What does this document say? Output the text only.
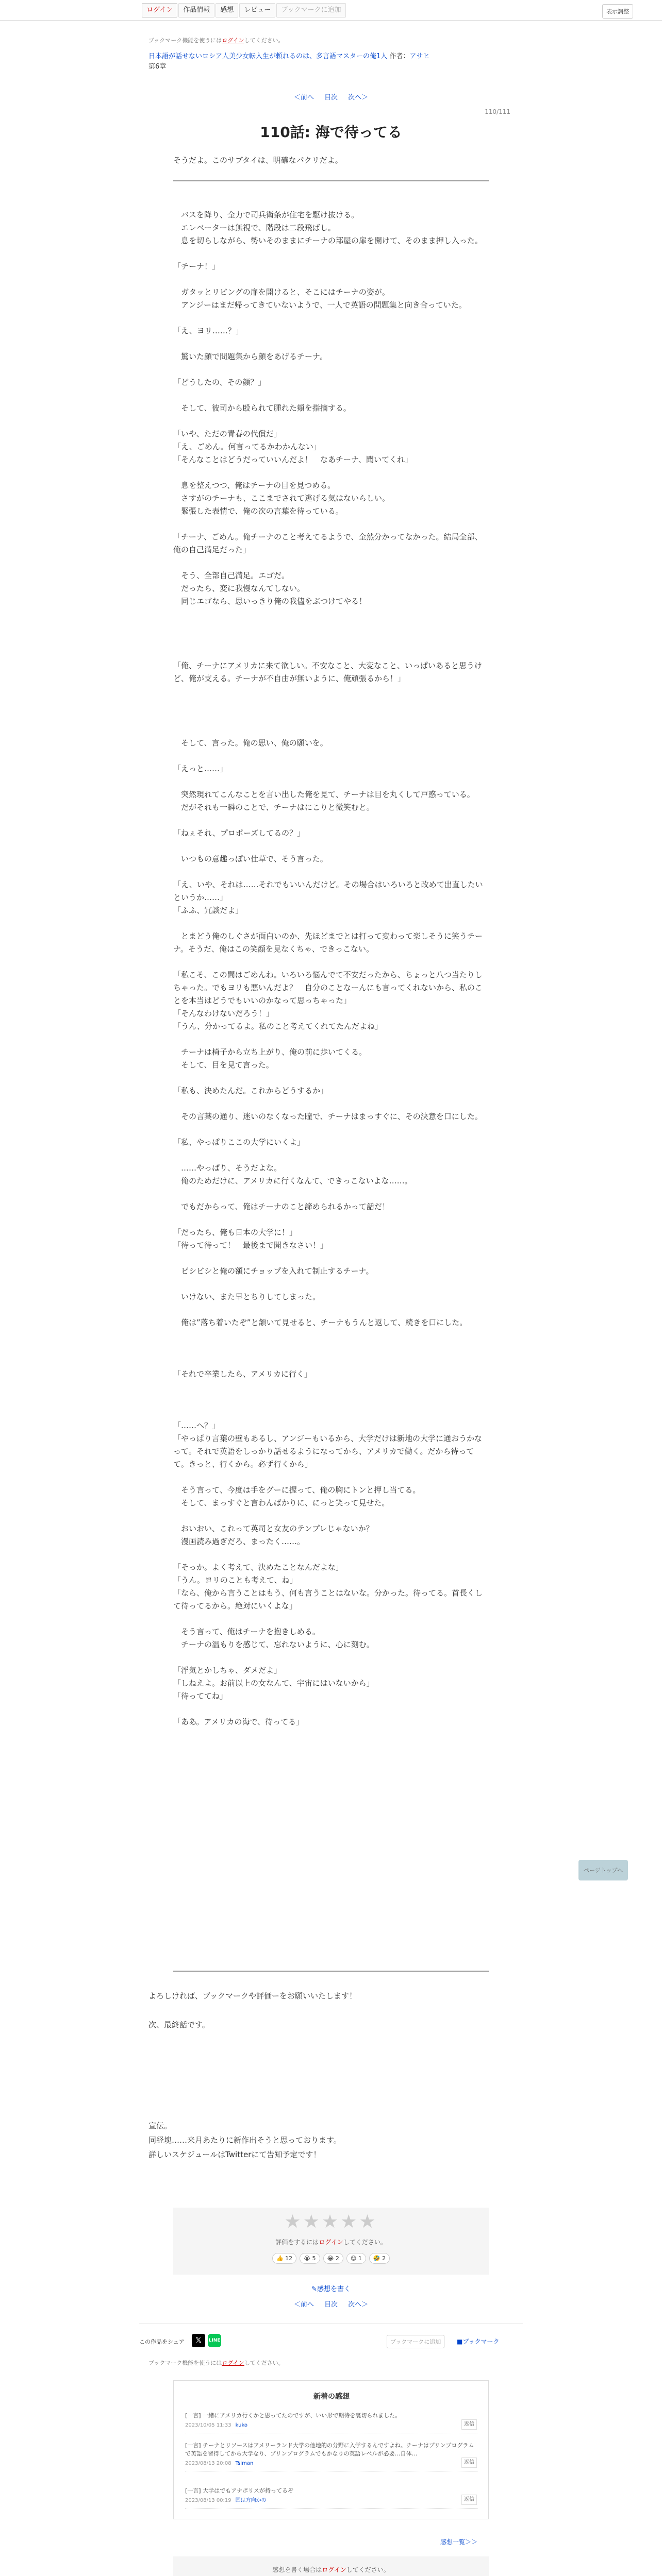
ログイン	作品情報	感想	レビュー	ブックマークに追加	表示調整
ブックマーク機能を使うにはログインしてください。
日本語が話せないロシア人美少女転入生が頼れるのは、多言語マスターの俺1人 作者：アサヒ
第6章
＜前へ 目次 次へ＞
110/111
110話: 海で待ってる
そうだよ。このサブタイは、明確なパクリだよ。

　バスを降り、全力で司兵衛条が住宅を駆け抜ける。

　エレベーターは無視で、階段は二段飛ばし。

　息を切らしながら、勢いそのままにチーナの部屋の扉を開けて、そのまま押し入った。

「チーナ！」

　ガタッとリビングの扉を開けると、そこにはチーナの姿が。

　アンジーはまだ帰ってきていないようで、一人で英語の問題集と向き合っていた。

「え、ヨリ……？」

　驚いた顔で問題集から顔をあげるチーナ。

「どうしたの、その顔？」

　そして、彼司から殴られて腫れた頬を指摘する。

「いや、ただの青春の代償だ」

「え、ごめん。何言ってるかわかんない」

「そんなことはどうだっていいんだよ！　なあチーナ、聞いてくれ」

　息を整えつつ、俺はチーナの目を見つめる。

　さすがのチーナも、ここまでされて逃げる気はないらしい。

　緊張した表情で、俺の次の言葉を待っている。

「チーナ、ごめん。俺チーナのこと考えてるようで、全然分かってなかった。結局全部、俺の自己満足だった」

　そう、全部自己満足。エゴだ。

　だったら、変に我慢なんてしない。

　同じエゴなら、思いっきり俺の我儘をぶつけてやる！

「俺、チーナにアメリカに来て欲しい。不安なこと、大変なこと、いっぱいあると思うけど、俺が支える。チーナが不自由が無いように、俺頑張るから！」

　そして、言った。俺の思い、俺の願いを。

「えっと……」

　突然現れてこんなことを言い出した俺を見て、チーナは目を丸くして戸惑っている。

　だがそれも一瞬のことで、チーナはにこりと微笑むと。

「ねぇそれ、プロポーズしてるの？」

　いつもの意趣っぽい仕草で、そう言った。

「え、いや、それは……それでもいいんだけど。その場合はいろいろと改めて出直したいというか……」

「ふふ、冗談だよ」

　とまどう俺のしぐさが面白いのか、先ほどまでとは打って変わって楽しそうに笑うチーナ。そうだ、俺はこの笑顔を見なくちゃ、できっこない。

「私こそ、この間はごめんね。いろいろ悩んでて不安だったから、ちょっと八つ当たりしちゃった。でもヨリも悪いんだよ？　自分のことなーんにも言ってくれないから、私のことを本当はどうでもいいのかなって思っちゃった」

「そんなわけないだろう！」

「うん、分かってるよ。私のこと考えてくれてたんだよね」

　チーナは椅子から立ち上がり、俺の前に歩いてくる。

　そして、目を見て言った。

「私も、決めたんだ。これからどうするか」

　その言葉の通り、迷いのなくなった瞳で、チーナはまっすぐに、その決意を口にした。

「私、やっぱりここの大学にいくよ」

　……やっぱり、そうだよな。

　俺のためだけに、アメリカに行くなんて、できっこないよな……。

　でもだからって、俺はチーナのこと諦められるかって話だ！

「だったら、俺も日本の大学に！」

「待って待って！　最後まで聞きなさい！」

　ビシビシと俺の額にチョップを入れて制止するチーナ。

　いけない、また早とちりしてしまった。

　俺は”落ち着いたぞ”と頷いて見せると、チーナもうんと返して、続きを口にした。

「それで卒業したら、アメリカに行く」

「……へ？」

「やっぱり言葉の壁もあるし、アンジーもいるから、大学だけは新地の大学に通おうかなって。それで英語をしっかり話せるようになってから、アメリカで働く。だから待ってて。きっと、行くから。必ず行くから」

　そう言って、今度は手をグーに握って、俺の胸にトンと押し当てる。

　そして、まっすぐと言わんばかりに、にっと笑って見せた。

　おいおい、これって英司と女友のテンプレじゃないか？

　漫画読み過ぎだろ、まったく……。

「そっか。よく考えて、決めたことなんだよな」

「うん。ヨリのことも考えて、ね」

「なら、俺から言うことはもう、何も言うことはないな。分かった。待ってる。首長くして待ってるから。絶対にいくよな」

　そう言って、俺はチーナを抱きしめる。

　チーナの温もりを感じて、忘れないように、心に刻む。

「浮気とかしちゃ、ダメだよ」

「しねえよ。お前以上の女なんて、宇宙にはいないから」

「待っててね」

「ああ。アメリカの海で、待ってる」

よろしければ、ブックマークや評価ーをお願いいたします！

次、最終話です。

宣伝。

同経塊……来月あたりに新作出そうと思っております。

詳しいスケジュールはTwitterにて告知予定です！

ページトップへ
★★★★★
評価をするにはログインしてください。
👍 12	😭 5	😂 2	😊 1	🤣 2
✎感想を書く
＜前へ 目次 次へ＞
この作品をシェア	𝕏	LINE	ブックマークに追加	■ブックマーク
ブックマーク機能を使うにはログインしてください。
新着の感想
[一言] 一緒にアメリカ行くかと思ってたのですが、いい形で期待を裏切られました。
2023/10/05 11:33 kuko	返信
[一言] チーナとリソースはアメリーランド大学の他地的の分野に入学するんですよね。チーナはプリンプログラムで英語を習得してから大学なり、プリンプログラムでもかなりの英語レベルが必要…自体…
2023/08/13 20:08 Tsiman	返信
[一言] 大学はでもアナポリスが持ってるぞ
2023/08/13 00:19 国は方向かの	返信
感想一覧＞＞
感想を書く場合はログインしてください。
